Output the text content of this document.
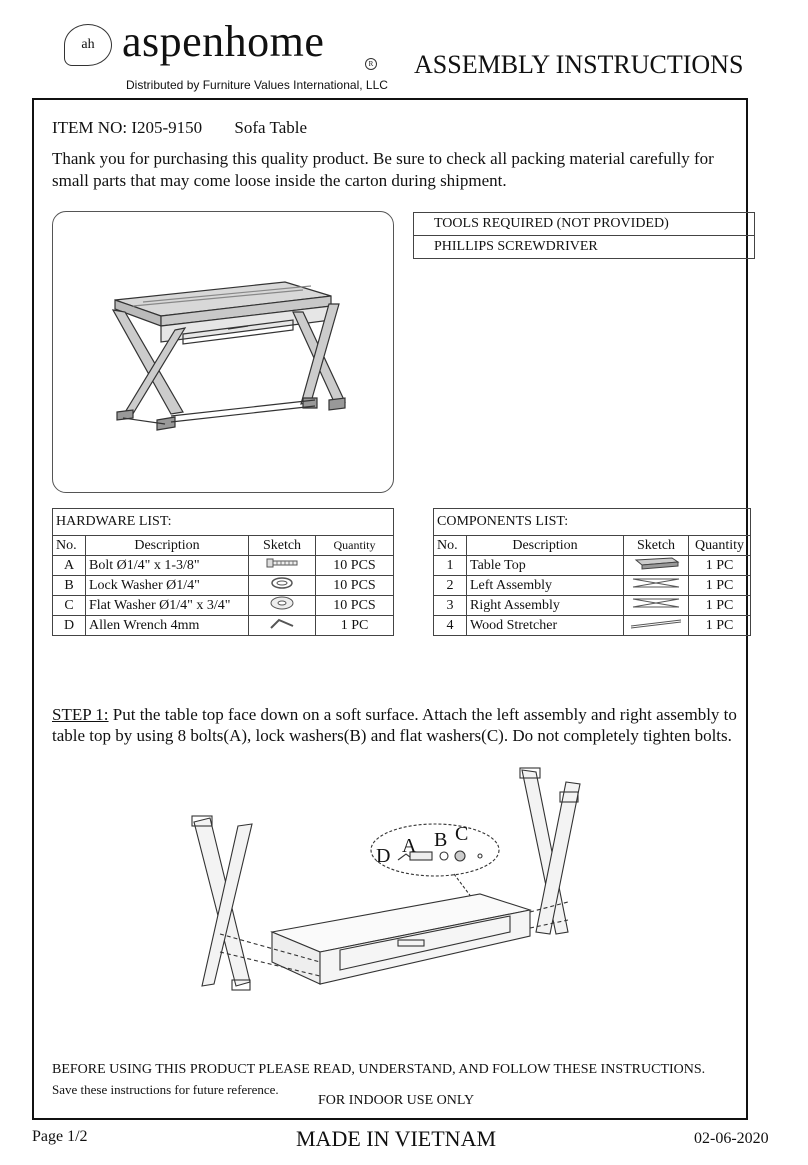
ah aspenhome	R
Distributed by Furniture Values International, LLC
ASSEMBLY INSTRUCTIONS
ITEM NO: I205-9150 Sofa Table
Thank you for purchasing this quality product. Be sure to check all packing material carefully for small parts that may come loose inside the carton during shipment.
TOOLS REQUIRED (NOT PROVIDED)
PHILLIPS SCREWDRIVER
HARDWARE LIST:			
No.	Description	Sketch	Quantity
A	Bolt Ø1/4" x 1-3/8"		10 PCS
B	Lock Washer Ø1/4"		10 PCS
C	Flat Washer Ø1/4" x 3/4"		10 PCS
D	Allen Wrench 4mm		1 PC
COMPONENTS LIST:			
No.	Description	Sketch	Quantity
1	Table Top		1 PC
2	Left Assembly		1 PC
3	Right Assembly		1 PC
4	Wood Stretcher		1 PC
STEP 1: Put the table top face down on a soft surface. Attach the left assembly and right assembly to table top by using 8 bolts(A), lock washers(B) and flat washers(C). Do not completely tighten bolts.
D A B C
BEFORE USING THIS PRODUCT PLEASE READ, UNDERSTAND, AND FOLLOW THESE INSTRUCTIONS.
Save these instructions for future reference.
FOR INDOOR USE ONLY
Page 1/2	MADE IN VIETNAM	02-06-2020
